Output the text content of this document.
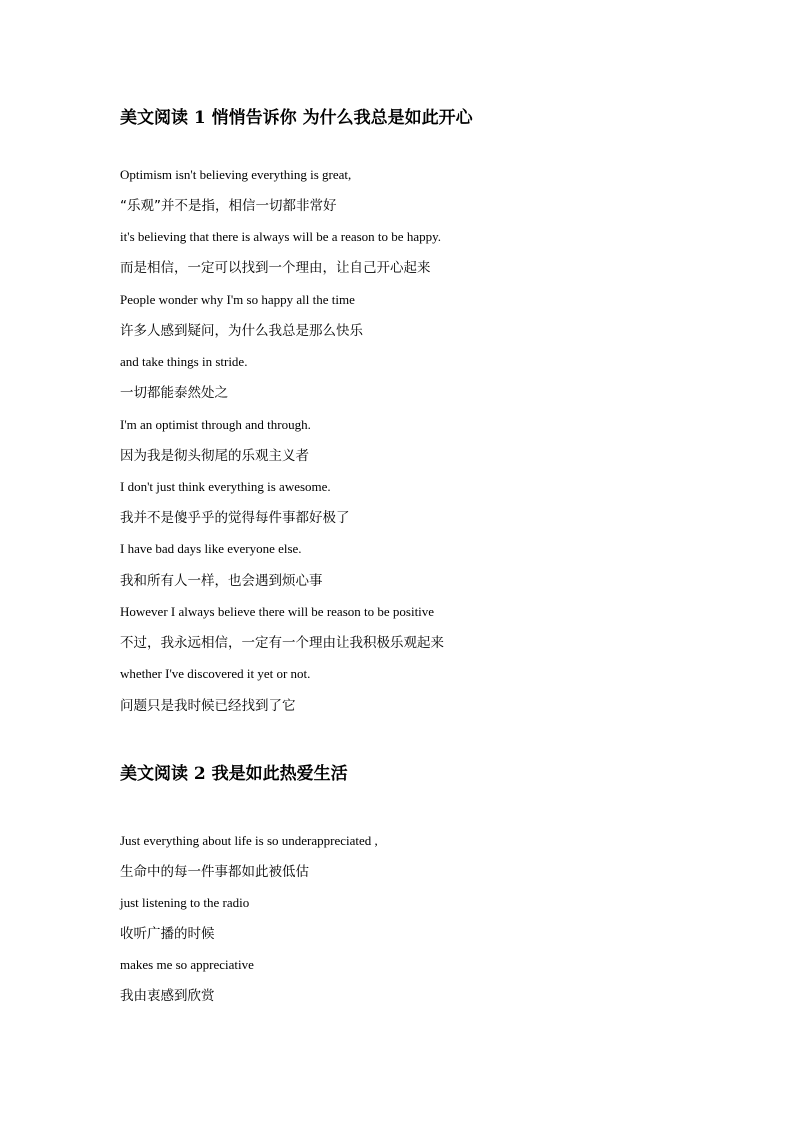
美文阅读 1 悄悄告诉你 为什么我总是如此开心
Optimism isn't believing everything is great,
“乐观”并不是指，相信一切都非常好
it's believing that there is always will be a reason to be happy.
而是相信，一定可以找到一个理由，让自己开心起来
People wonder why I'm so happy all the time
许多人感到疑问，为什么我总是那么快乐
and take things in stride.
一切都能泰然处之
I'm an optimist through and through.
因为我是彻头彻尾的乐观主义者
I don't just think everything is awesome.
我并不是傻乎乎的觉得每件事都好极了
I have bad days like everyone else.
我和所有人一样，也会遇到烦心事
However I always believe there will be reason to be positive
不过，我永远相信，一定有一个理由让我积极乐观起来
whether I've discovered it yet or not.
问题只是我时候已经找到了它
美文阅读 2 我是如此热爱生活
Just everything about life is so underappreciated ,
生命中的每一件事都如此被低估
just listening to the radio
收听广播的时候
makes me so appreciative
我由衷感到欣赏
